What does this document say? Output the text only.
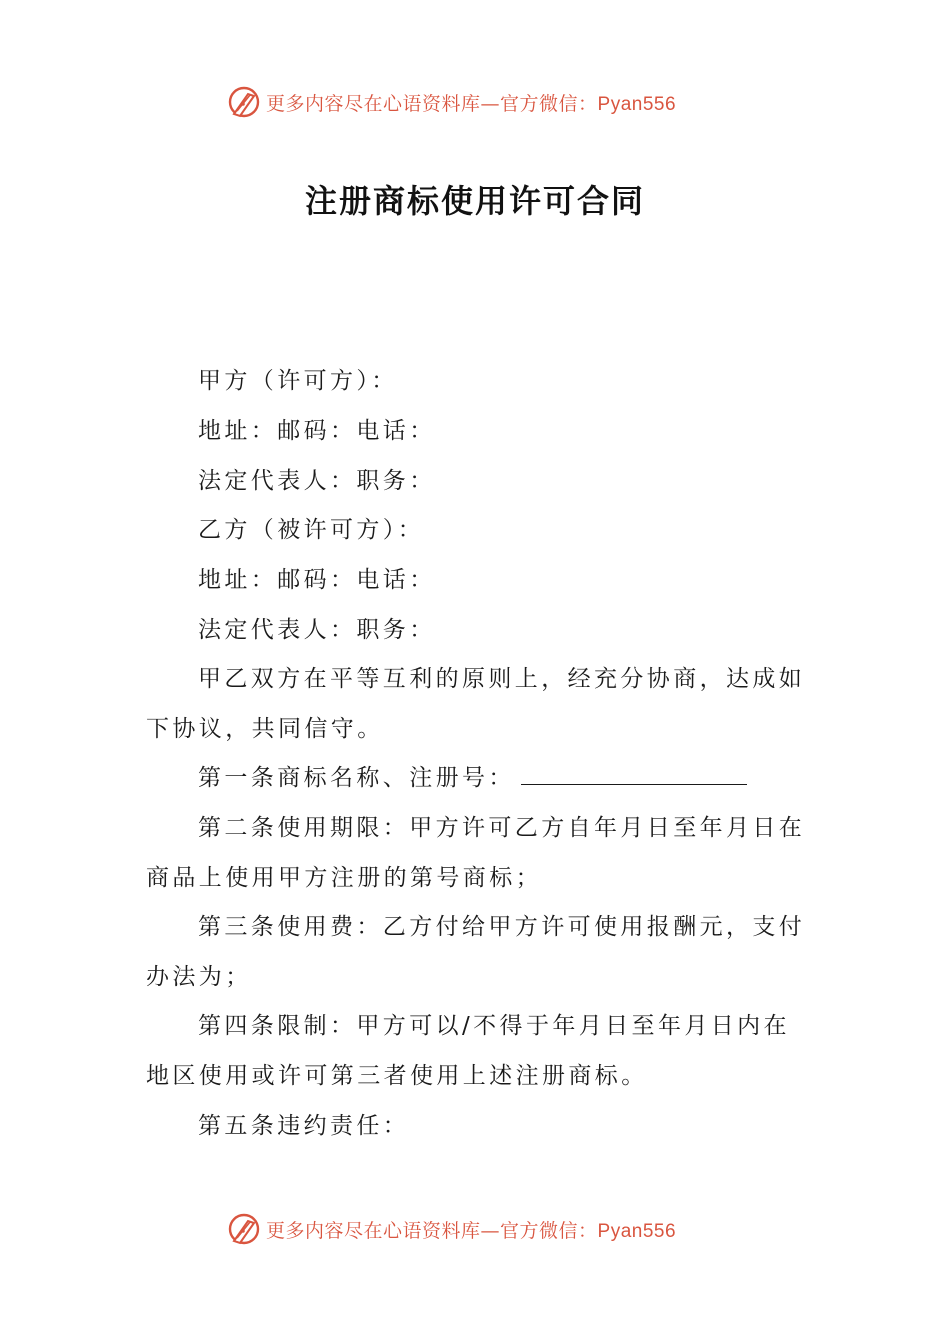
更多内容尽在心语资料库—官方微信：Pyan556
注册商标使用许可合同

甲方（许可方）：

地址：邮码：电话：

法定代表人：职务：

乙方（被许可方）：

地址：邮码：电话：

法定代表人：职务：

甲乙双方在平等互利的原则上，经充分协商，达成如下协议，共同信守。

第一条商标名称、注册号：

第二条使用期限：甲方许可乙方自年月日至年月日在商品上使用甲方注册的第号商标；

第三条使用费：乙方付给甲方许可使用报酬元，支付办法为；

第四条限制：甲方可以/不得于年月日至年月日内在地区使用或许可第三者使用上述注册商标。

第五条违约责任：

更多内容尽在心语资料库—官方微信：Pyan556
